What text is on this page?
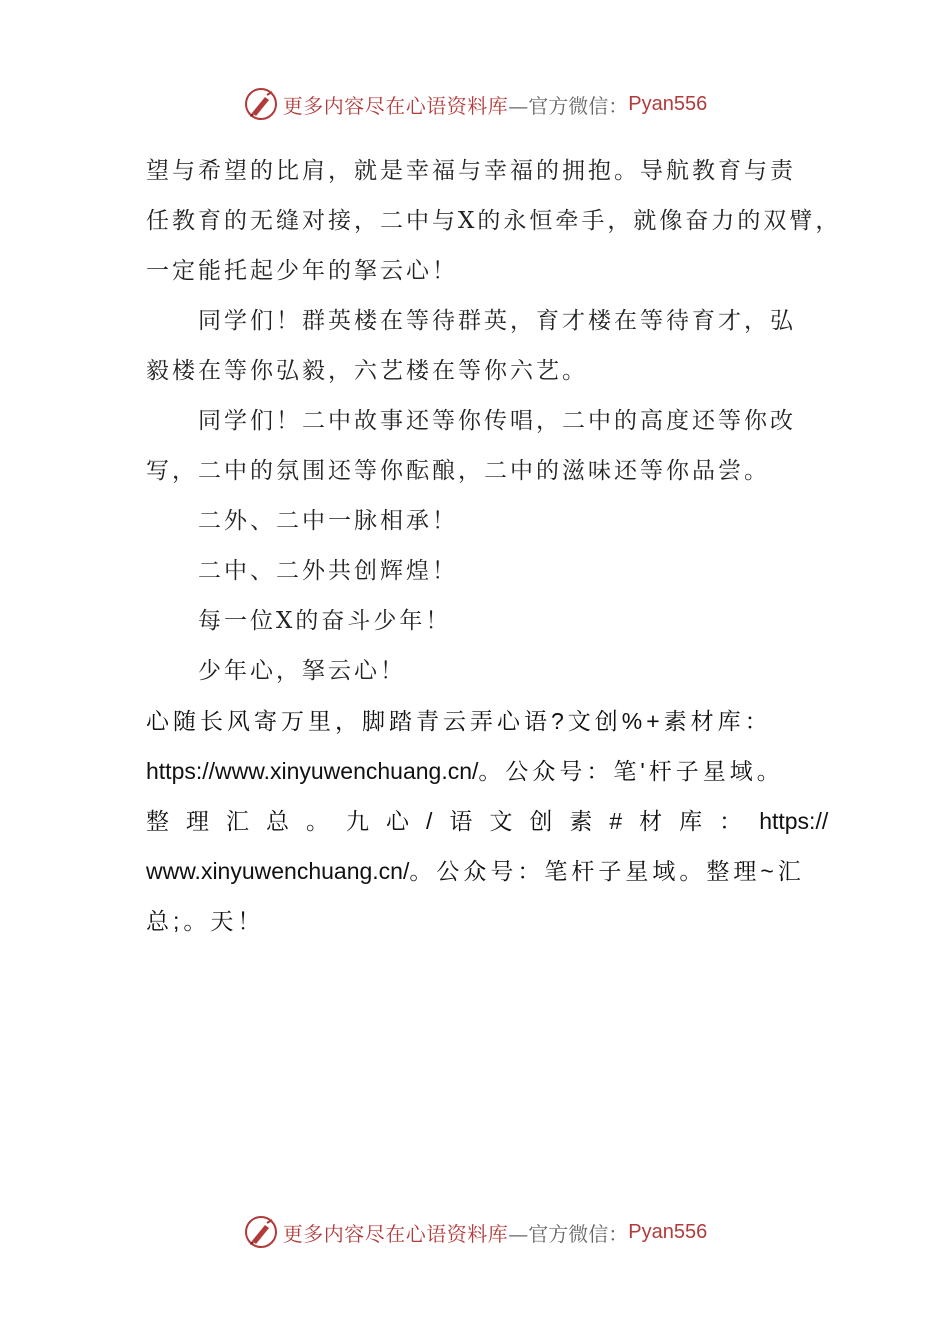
更多内容尽在心语资料库 —官方微信： Pyan556
望与希望的比肩，就是幸福与幸福的拥抱。导航教育与责
任教育的无缝对接，二中与X的永恒牵手，就像奋力的双臂，
一定能托起少年的拏云心！
同学们！群英楼在等待群英，育才楼在等待育才，弘
毅楼在等你弘毅，六艺楼在等你六艺。
同学们！二中故事还等你传唱，二中的高度还等你改
写，二中的氛围还等你酝酿，二中的滋味还等你品尝。
二外、二中一脉相承！
二中、二外共创辉煌！
每一位X的奋斗少年！
少年心，拏云心！
心随长风寄万里，脚踏青云弄心语?文创%+素材库：
https://www.xinyuwenchuang.cn/。公众号：笔'杆子星域。
整理汇总。九心/语文创素#材库：https://
www.xinyuwenchuang.cn/。公众号：笔杆子星域。整理~汇
总;。天！
更多内容尽在心语资料库 —官方微信： Pyan556
